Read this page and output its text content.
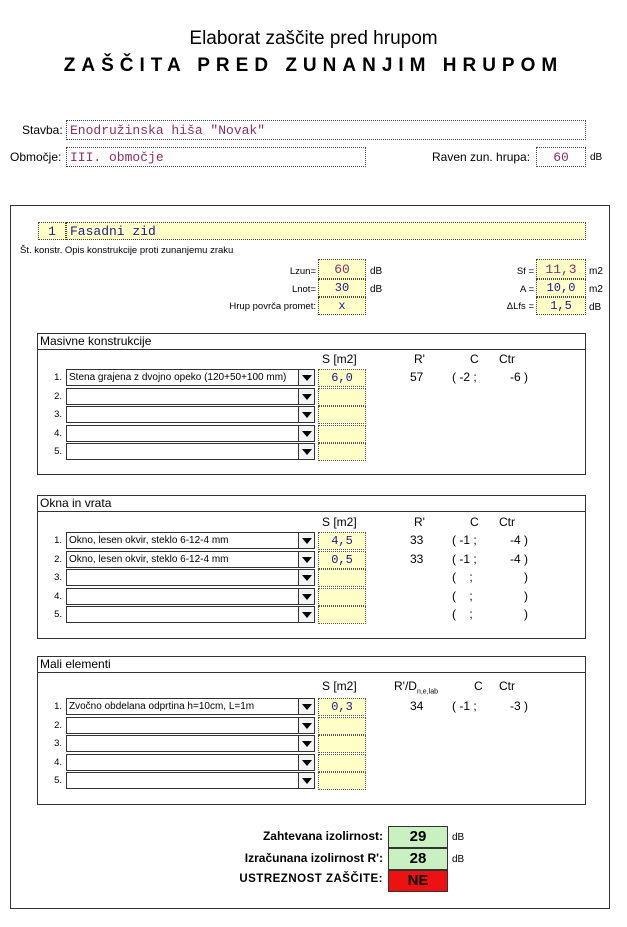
Elaborat zaščite pred hrupom
ZAŠČITA PRED ZUNANJIM HRUPOM
Stavba: Enodružinska hiša "Novak"
Območje: III. območje	Raven zun. hrupa:	60	dB
1	Fasadni zid
Št. konstr. Opis konstrukcije proti zunanjemu zraku
Lzun=	60	dB
Lnot=	30	dB
Hrup povrča promet:	x
Sf = 11,3	m2
A =	10,0	m2
ΔLfs =	1,5	dB
Masivne konstrukcije
S [m2]	R'	C Ctr
1. Stena grajena z dvojno opeko (120+50+100 mm)	6,0	57 ( -2 ;	-6 )
2.
3.
4.
5.
Okna in vrata
S [m2]	R'	C Ctr
1. Okno, lesen okvir, steklo 6-12-4 mm	4,5	33 ( -1 ;	-4 )
2. Okno, lesen okvir, steklo 6-12-4 mm	0,5	33 ( -1 ;	-4 )
3.	(    ;	)
4.	(    ;	)
5.	(    ;	)
Mali elementi
S [m2]	$R'/D_{n,e,lab}$	C Ctr
1. Zvočno obdelana odprtina h=10cm, L=1m	0,3	34 ( -1 ;	-3 )
2.
3.
4.
5.
Zahtevana izolirnost:	29	dB
Izračunana izolirnost R':	28	dB
USTREZNOST ZAŠČITE:	NE
